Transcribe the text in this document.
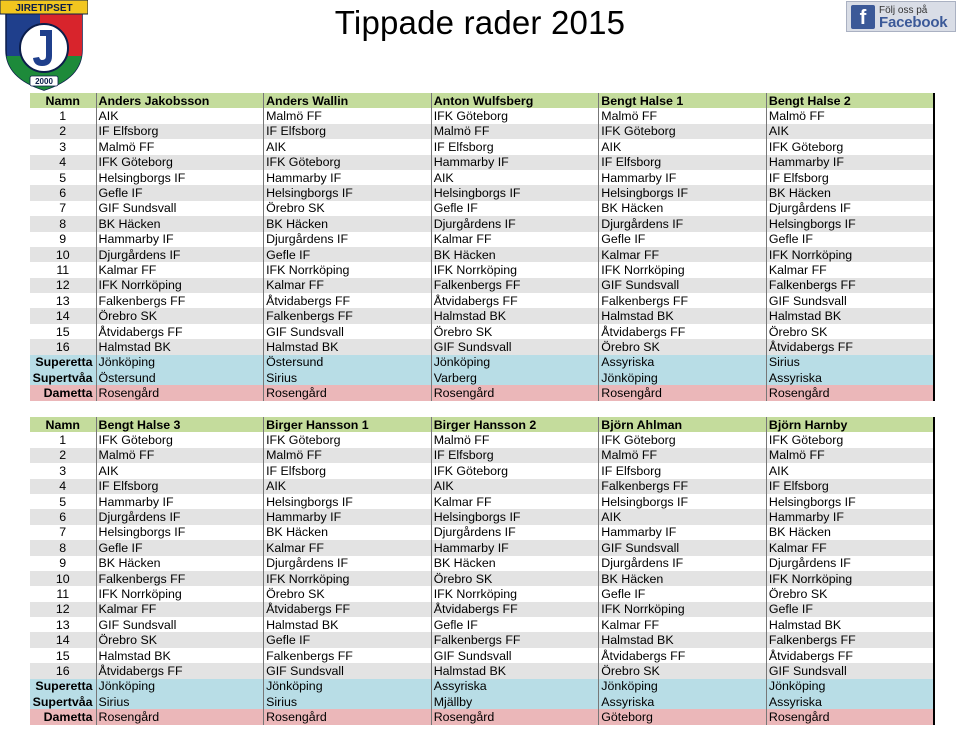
JIRETIPSET
2000
Tippade rader 2015	f	Följ oss på
Facebook
Namn	Anders Jakobsson	Anders Wallin	Anton Wulfsberg	Bengt Halse 1	Bengt Halse 2
1	AIK	Malmö FF	IFK Göteborg	Malmö FF	Malmö FF
2	IF Elfsborg	IF Elfsborg	Malmö FF	IFK Göteborg	AIK
3	Malmö FF	AIK	IF Elfsborg	AIK	IFK Göteborg
4	IFK Göteborg	IFK Göteborg	Hammarby IF	IF Elfsborg	Hammarby IF
5	Helsingborgs IF	Hammarby IF	AIK	Hammarby IF	IF Elfsborg
6	Gefle IF	Helsingborgs IF	Helsingborgs IF	Helsingborgs IF	BK Häcken
7	GIF Sundsvall	Örebro SK	Gefle IF	BK Häcken	Djurgårdens IF
8	BK Häcken	BK Häcken	Djurgårdens IF	Djurgårdens IF	Helsingborgs IF
9	Hammarby IF	Djurgårdens IF	Kalmar FF	Gefle IF	Gefle IF
10	Djurgårdens IF	Gefle IF	BK Häcken	Kalmar FF	IFK Norrköping
11	Kalmar FF	IFK Norrköping	IFK Norrköping	IFK Norrköping	Kalmar FF
12	IFK Norrköping	Kalmar FF	Falkenbergs FF	GIF Sundsvall	Falkenbergs FF
13	Falkenbergs FF	Åtvidabergs FF	Åtvidabergs FF	Falkenbergs FF	GIF Sundsvall
14	Örebro SK	Falkenbergs FF	Halmstad BK	Halmstad BK	Halmstad BK
15	Åtvidabergs FF	GIF Sundsvall	Örebro SK	Åtvidabergs FF	Örebro SK
16	Halmstad BK	Halmstad BK	GIF Sundsvall	Örebro SK	Åtvidabergs FF
Superetta	Jönköping	Östersund	Jönköping	Assyriska	Sirius
Supertvåa	Östersund	Sirius	Varberg	Jönköping	Assyriska
Dametta	Rosengård	Rosengård	Rosengård	Rosengård	Rosengård
Namn	Bengt Halse 3	Birger Hansson 1	Birger Hansson 2	Björn Ahlman	Björn Harnby
1	IFK Göteborg	IFK Göteborg	Malmö FF	IFK Göteborg	IFK Göteborg
2	Malmö FF	Malmö FF	IF Elfsborg	Malmö FF	Malmö FF
3	AIK	IF Elfsborg	IFK Göteborg	IF Elfsborg	AIK
4	IF Elfsborg	AIK	AIK	Falkenbergs FF	IF Elfsborg
5	Hammarby IF	Helsingborgs IF	Kalmar FF	Helsingborgs IF	Helsingborgs IF
6	Djurgårdens IF	Hammarby IF	Helsingborgs IF	AIK	Hammarby IF
7	Helsingborgs IF	BK Häcken	Djurgårdens IF	Hammarby IF	BK Häcken
8	Gefle IF	Kalmar FF	Hammarby IF	GIF Sundsvall	Kalmar FF
9	BK Häcken	Djurgårdens IF	BK Häcken	Djurgårdens IF	Djurgårdens IF
10	Falkenbergs FF	IFK Norrköping	Örebro SK	BK Häcken	IFK Norrköping
11	IFK Norrköping	Örebro SK	IFK Norrköping	Gefle IF	Örebro SK
12	Kalmar FF	Åtvidabergs FF	Åtvidabergs FF	IFK Norrköping	Gefle IF
13	GIF Sundsvall	Halmstad BK	Gefle IF	Kalmar FF	Halmstad BK
14	Örebro SK	Gefle IF	Falkenbergs FF	Halmstad BK	Falkenbergs FF
15	Halmstad BK	Falkenbergs FF	GIF Sundsvall	Åtvidabergs FF	Åtvidabergs FF
16	Åtvidabergs FF	GIF Sundsvall	Halmstad BK	Örebro SK	GIF Sundsvall
Superetta	Jönköping	Jönköping	Assyriska	Jönköping	Jönköping
Supertvåa	Sirius	Sirius	Mjällby	Assyriska	Assyriska
Dametta	Rosengård	Rosengård	Rosengård	Göteborg	Rosengård
